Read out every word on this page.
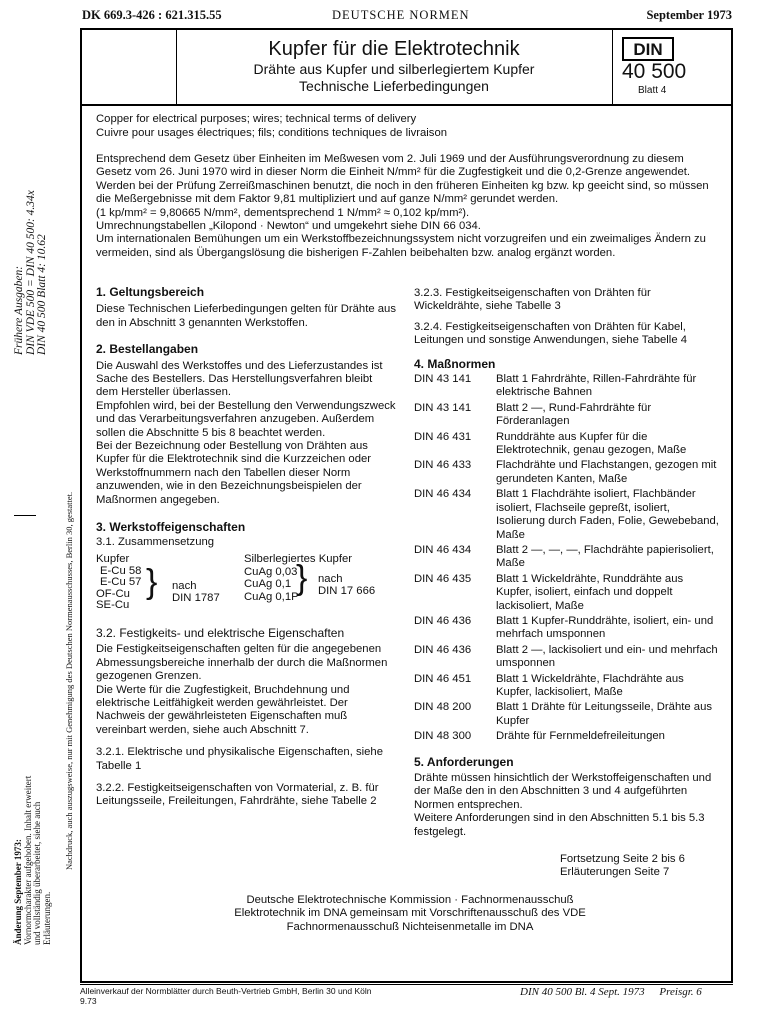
DK 669.3-426 : 621.315.55	DEUTSCHE NORMEN	September 1973
Kupfer für die Elektrotechnik
Drähte aus Kupfer und silberlegiertem Kupfer
Technische Lieferbedingungen
DIN
40 500
Blatt 4
Copper for electrical purposes; wires; technical terms of delivery
Cuivre pour usages électriques; fils; conditions techniques de livraison

Entsprechend dem Gesetz über Einheiten im Meßwesen vom 2. Juli 1969 und der Ausführungsverordnung zu diesem Gesetz vom 26. Juni 1970 wird in dieser Norm die Einheit N/mm² für die Zugfestigkeit und die 0,2-Grenze angewendet.

Werden bei der Prüfung Zerreißmaschinen benutzt, die noch in den früheren Einheiten kg bzw. kp geeicht sind, so müssen die Meßergebnisse mit dem Faktor 9,81 multipliziert und auf ganze N/mm² gerundet werden.

(1 kp/mm² = 9,80665 N/mm², dementsprechend 1 N/mm² ≈ 0,102 kp/mm²).

Umrechnungstabellen „Kilopond · Newton“ und umgekehrt siehe DIN 66 034.

Um internationalen Bemühungen um ein Werkstoffbezeichnungssystem nicht vorzugreifen und ein zweimaliges Ändern zu vermeiden, sind als Übergangslösung die bisherigen F-Zahlen beibehalten bzw. analog ergänzt worden.

1. Geltungsbereich

Diese Technischen Lieferbedingungen gelten für Drähte aus den in Abschnitt 3 genannten Werkstoffen.

2. Bestellangaben

Die Auswahl des Werkstoffes und des Lieferzustandes ist Sache des Bestellers. Das Herstellungsverfahren bleibt dem Hersteller überlassen.

Empfohlen wird, bei der Bestellung den Verwendungszweck und das Verarbeitungsverfahren anzugeben. Außerdem sollen die Abschnitte 5 bis 8 beachtet werden.

Bei der Bezeichnung oder Bestellung von Drähten aus Kupfer für die Elektrotechnik sind die Kurzzeichen oder Werkstoffnummern nach den Tabellen dieser Norm anzuwenden, wie in den Bezeichnungsbeispielen der Maßnormen angegeben.

3. Werkstoffeigenschaften
3.1. Zusammensetzung
Kupfer
E-Cu 58
E-Cu 57
OF-Cu
SE-Cu
} nach
DIN 1787
Silberlegiertes Kupfer
CuAg 0,03
CuAg 0,1
CuAg 0,1P
} nach
DIN 17 666
3.2. Festigkeits- und elektrische Eigenschaften

Die Festigkeitseigenschaften gelten für die angegebenen Abmessungsbereiche innerhalb der durch die Maßnormen gezogenen Grenzen.

Die Werte für die Zugfestigkeit, Bruchdehnung und elektrische Leitfähigkeit werden gewährleistet. Der Nachweis der gewährleisteten Eigenschaften muß vereinbart werden, siehe auch Abschnitt 7.

3.2.1. Elektrische und physikalische Eigenschaften, siehe Tabelle 1

3.2.2. Festigkeitseigenschaften von Vormaterial, z. B. für Leitungsseile, Freileitungen, Fahrdrähte, siehe Tabelle 2

3.2.3. Festigkeitseigenschaften von Drähten für Wickeldrähte, siehe Tabelle 3

3.2.4. Festigkeitseigenschaften von Drähten für Kabel, Leitungen und sonstige Anwendungen, siehe Tabelle 4

4. Maßnormen
DIN 43 141	Blatt 1 Fahrdrähte, Rillen-Fahrdrähte für elektrische Bahnen
DIN 43 141	Blatt 2 —, Rund-Fahrdrähte für Förderanlagen
DIN 46 431	Runddrähte aus Kupfer für die Elektrotechnik, genau gezogen, Maße
DIN 46 433	Flachdrähte und Flachstangen, gezogen mit gerundeten Kanten, Maße
DIN 46 434	Blatt 1 Flachdrähte isoliert, Flachbänder isoliert, Flachseile gepreßt, isoliert, Isolierung durch Faden, Folie, Gewebeband, Maße
DIN 46 434	Blatt 2 —, —, —, Flachdrähte papierisoliert, Maße
DIN 46 435	Blatt 1 Wickeldrähte, Runddrähte aus Kupfer, isoliert, einfach und doppelt lackisoliert, Maße
DIN 46 436	Blatt 1 Kupfer-Runddrähte, isoliert, ein- und mehrfach umsponnen
DIN 46 436	Blatt 2 —, lackisoliert und ein- und mehrfach umsponnen
DIN 46 451	Blatt 1 Wickeldrähte, Flachdrähte aus Kupfer, lackisoliert, Maße
DIN 48 200	Blatt 1 Drähte für Leitungsseile, Drähte aus Kupfer
DIN 48 300	Drähte für Fernmeldefreileitungen
5. Anforderungen

Drähte müssen hinsichtlich der Werkstoffeigenschaften und der Maße den in den Abschnitten 3 und 4 aufgeführten Normen entsprechen.

Weitere Anforderungen sind in den Abschnitten 5.1 bis 5.3 festgelegt.

Fortsetzung Seite 2 bis 6
Erläuterungen Seite 7
Deutsche Elektrotechnische Kommission · Fachnormenausschuß Elektrotechnik im DNA gemeinsam mit Vorschriftenausschuß des VDE
Fachnormenausschuß Nichteisenmetalle im DNA
Frühere Ausgaben: DIN VDE 500 = DIN 40 500: 4.34x DIN 40 500 Blatt 4: 10.62
Änderung September 1973: Vornormcharakter aufgehoben. Inhalt erweitert und vollständig überarbeitet, siehe auch Erläuterungen.
Nachdruck, auch auszugsweise, nur mit Genehmigung des Deutschen Normenausschusses, Berlin 30, gestattet.
Alleinverkauf der Normblätter durch Beuth-Vertrieb GmbH, Berlin 30 und Köln
9.73
DIN 40 500 Bl. 4 Sept. 1973 Preisgr. 6
